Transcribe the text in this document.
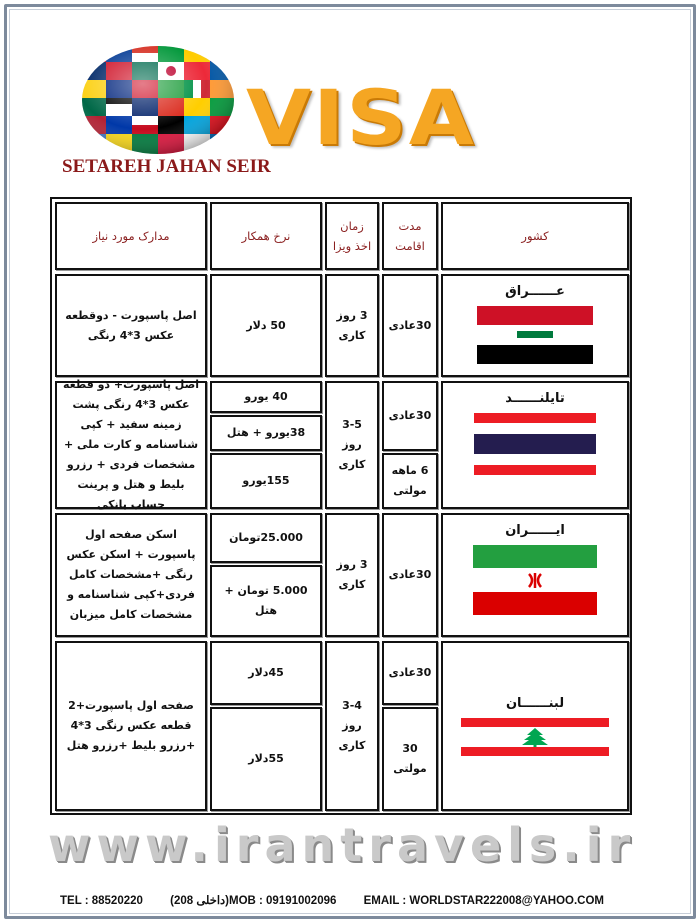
VISA
SETAREH JAHAN SEIR
مدارک مورد نیاز	نرخ همکار
زمان اخذ ویزا
مدت اقامت
کشور
اصل پاسپورت - دوقطعه عکس 3*4 رنگی
50 دلار
3 روز کاری
30عادی
عــــــراق
اصل پاسپورت+ دو قطعه عکس 3*4 رنگی پشت زمینه سفید + کپی شناسنامه و کارت ملی + مشخصات فردی + رزرو بلیط و هتل و پرینت حساب بانکی
40 یورو
38یورو + هتل
155یورو
3-5 روز کاری
30عادی
6 ماهه مولتی
تایلنــــــد
اسکن صفحه اول پاسپورت + اسکن عکس رنگی +مشخصات کامل فردی+کپی شناسنامه و مشخصات کامل میزبان
25.000تومان
5.000 تومان + هتل
3 روز کاری
30عادی
ایــــــران
صفحه اول پاسپورت+2 قطعه عکس رنگی 3*4 +رزرو بلیط +رزرو هتل
45دلار
55دلار
3-4 روز کاری
30عادی
30 مولتی
لبنــــــان
www.irantravels.ir
TEL : 88520220 (داخلی 208)MOB : 09191002096 EMAIL : WORLDSTAR222008@YAHOO.COM
